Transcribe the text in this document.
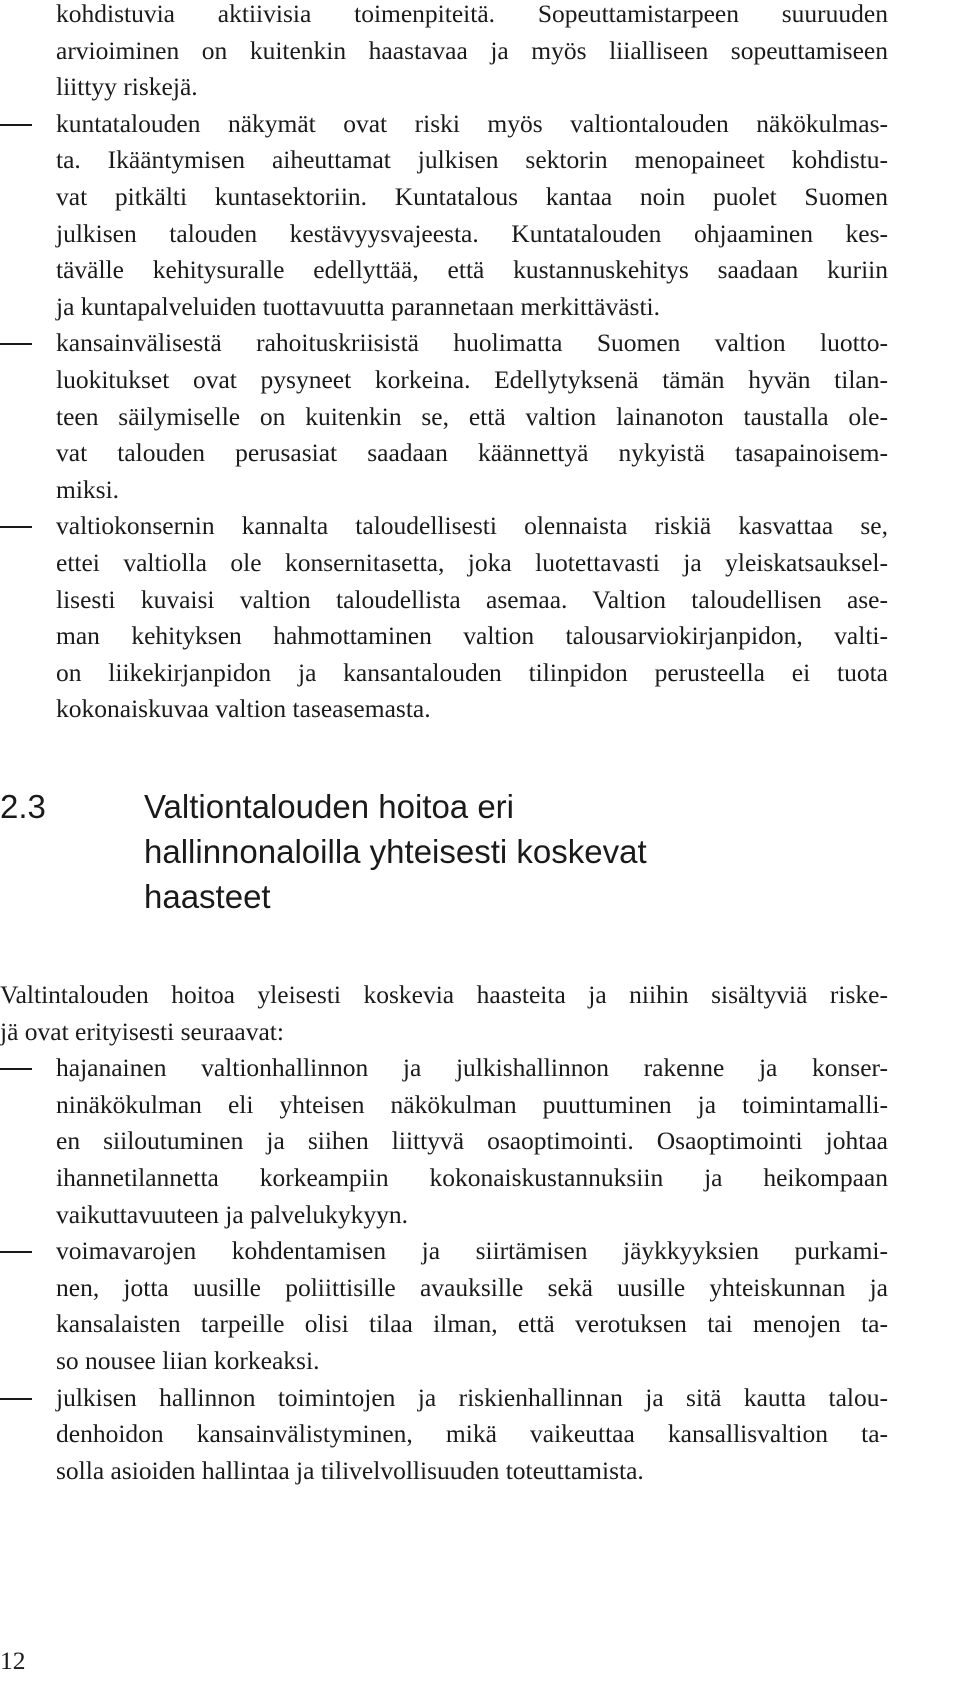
kohdistuvia aktiivisia toimenpiteitä. Sopeuttamistarpeen suuruuden
arvioiminen on kuitenkin haastavaa ja myös liialliseen sopeuttamiseen
liittyy riskejä.
kuntatalouden näkymät ovat riski myös valtiontalouden näkökulmas-
ta. Ikääntymisen aiheuttamat julkisen sektorin menopaineet kohdistu-
vat pitkälti kuntasektoriin. Kuntatalous kantaa noin puolet Suomen
julkisen talouden kestävyysvajeesta. Kuntatalouden ohjaaminen kes-
tävälle kehitysuralle edellyttää, että kustannuskehitys saadaan kuriin
ja kuntapalveluiden tuottavuutta parannetaan merkittävästi.
kansainvälisestä rahoituskriisistä huolimatta Suomen valtion luotto-
luokitukset ovat pysyneet korkeina. Edellytyksenä tämän hyvän tilan-
teen säilymiselle on kuitenkin se, että valtion lainanoton taustalla ole-
vat talouden perusasiat saadaan käännettyä nykyistä tasapainoisem-
miksi.
valtiokonsernin kannalta taloudellisesti olennaista riskiä kasvattaa se,
ettei valtiolla ole konsernitasetta, joka luotettavasti ja yleiskatsauksel-
lisesti kuvaisi valtion taloudellista asemaa. Valtion taloudellisen ase-
man kehityksen hahmottaminen valtion talousarviokirjanpidon, valti-
on liikekirjanpidon ja kansantalouden tilinpidon perusteella ei tuota
kokonaiskuvaa valtion taseasemasta.
2.3	Valtiontalouden hoitoa eri
hallinnonaloilla yhteisesti koskevat
haasteet
Valtintalouden hoitoa yleisesti koskevia haasteita ja niihin sisältyviä riske-
jä ovat erityisesti seuraavat:
hajanainen valtionhallinnon ja julkishallinnon rakenne ja konser-
ninäkökulman eli yhteisen näkökulman puuttuminen ja toimintamalli-
en siiloutuminen ja siihen liittyvä osaoptimointi. Osaoptimointi johtaa
ihannetilannetta korkeampiin kokonaiskustannuksiin ja heikompaan
vaikuttavuuteen ja palvelukykyyn.
voimavarojen kohdentamisen ja siirtämisen jäykkyyksien purkami-
nen, jotta uusille poliittisille avauksille sekä uusille yhteiskunnan ja
kansalaisten tarpeille olisi tilaa ilman, että verotuksen tai menojen ta-
so nousee liian korkeaksi.
julkisen hallinnon toimintojen ja riskienhallinnan ja sitä kautta talou-
denhoidon kansainvälistyminen, mikä vaikeuttaa kansallisvaltion ta-
solla asioiden hallintaa ja tilivelvollisuuden toteuttamista.
12
